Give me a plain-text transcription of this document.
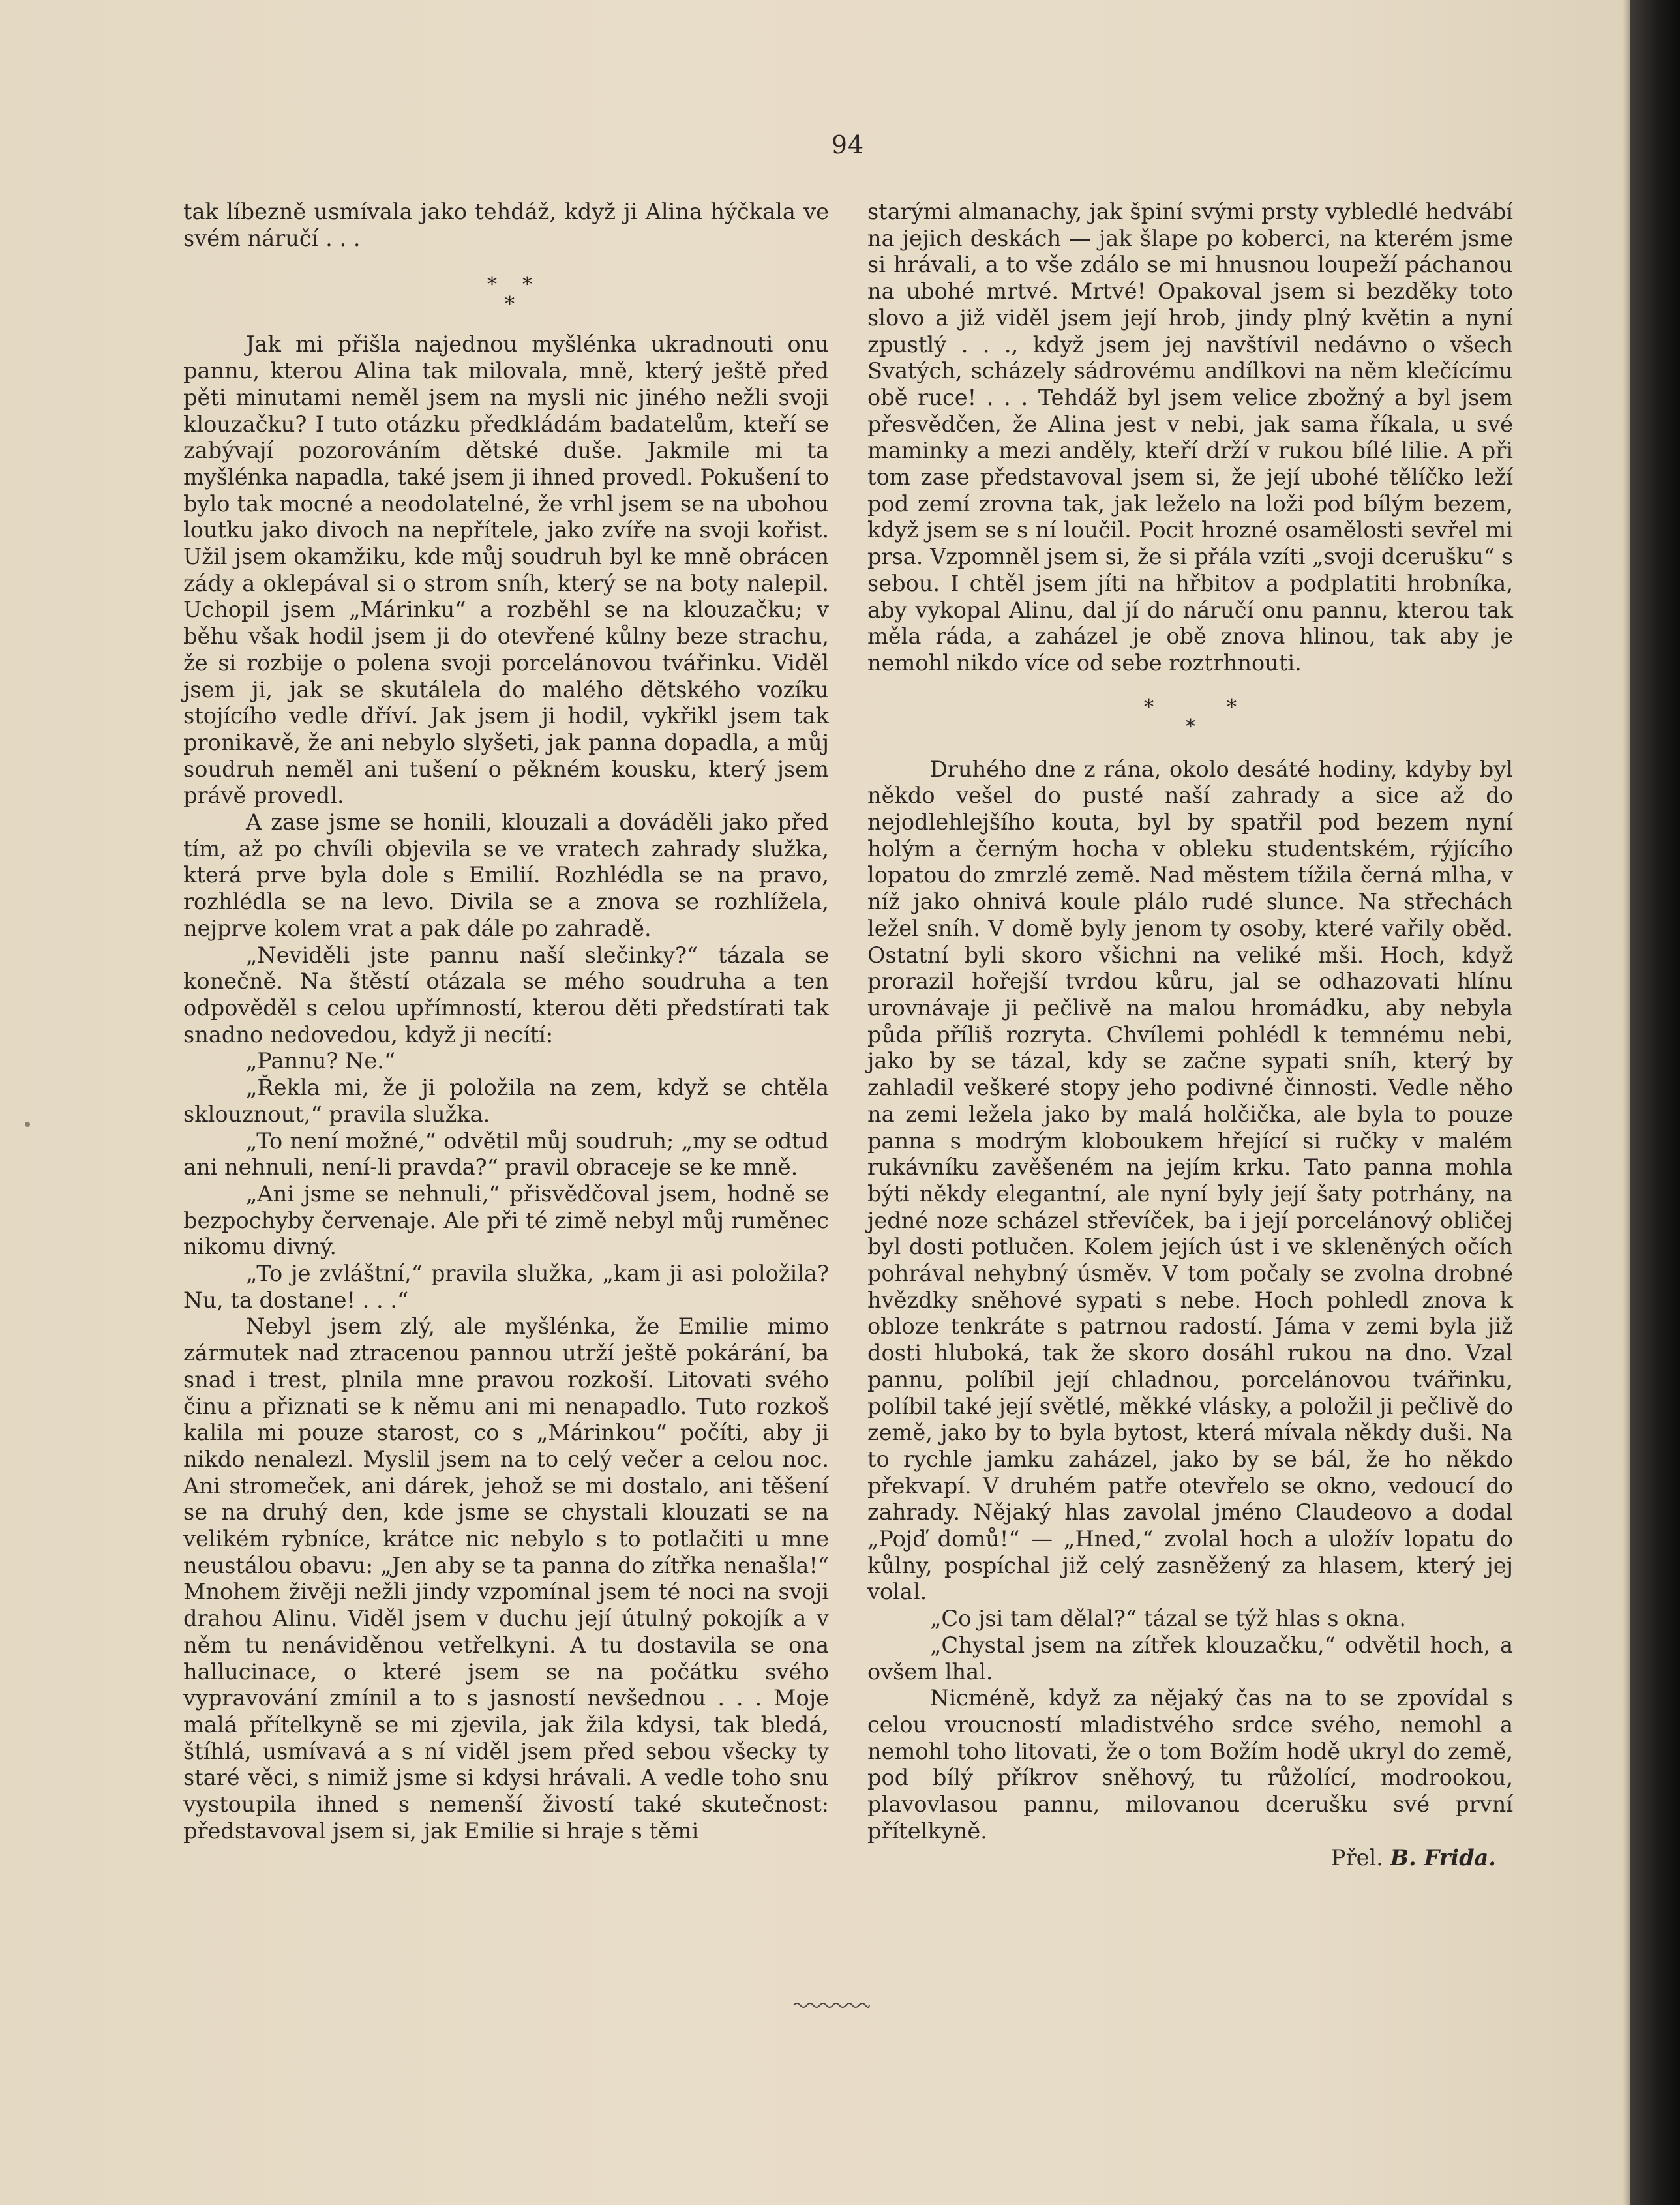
94

tak líbezně usmívala jako tehdáž, když ji Alina hýčkala ve svém náručí . . .

* *
*

Jak mi přišla najednou myšlénka ukradnouti onu pannu, kterou Alina tak milovala, mně, který ještě před pěti minutami neměl jsem na mysli nic jiného nežli svoji klouzačku? I tuto otázku předkládám badatelům, kteří se zabývají pozorováním dětské duše. Jakmile mi ta myšlénka napadla, také jsem ji ihned provedl. Pokušení to bylo tak mocné a neodolatelné, že vrhl jsem se na ubohou loutku jako divoch na nepřítele, jako zvíře na svoji kořist. Užil jsem okamžiku, kde můj soudruh byl ke mně obrácen zády a oklepával si o strom sníh, který se na boty nalepil. Uchopil jsem „Márinku“ a rozběhl se na klouzačku; v běhu však hodil jsem ji do otevřené kůlny beze strachu, že si rozbije o polena svoji porcelánovou tvářinku. Viděl jsem ji, jak se skutálela do malého dětského vozíku stojícího vedle dříví. Jak jsem ji hodil, vykřikl jsem tak pronikavě, že ani nebylo slyšeti, jak panna dopadla, a můj soudruh neměl ani tušení o pěkném kousku, který jsem právě provedl.

A zase jsme se honili, klouzali a dováděli jako před tím, až po chvíli objevila se ve vratech zahrady služka, která prve byla dole s Emilií. Rozhlédla se na pravo, rozhlédla se na levo. Divila se a znova se rozhlížela, nejprve kolem vrat a pak dále po zahradě.

„Neviděli jste pannu naší slečinky?“ tázala se konečně. Na štěstí otázala se mého soudruha a ten odpověděl s celou upřímností, kterou děti předstírati tak snadno nedovedou, když ji necítí:

„Pannu? Ne.“

„Řekla mi, že ji položila na zem, když se chtěla sklouznout,“ pravila služka.

„To není možné,“ odvětil můj soudruh; „my se odtud ani nehnuli, není-li pravda?“ pravil obraceje se ke mně.

„Ani jsme se nehnuli,“ přisvědčoval jsem, hodně se bezpochyby červenaje. Ale při té zimě nebyl můj ruměnec nikomu divný.

„To je zvláštní,“ pravila služka, „kam ji asi položila? Nu, ta dostane! . . .“

Nebyl jsem zlý, ale myšlénka, že Emilie mimo zármutek nad ztracenou pannou utrží ještě pokárání, ba snad i trest, plnila mne pravou rozkoší. Litovati svého činu a přiznati se k němu ani mi nenapadlo. Tuto rozkoš kalila mi pouze starost, co s „Márinkou“ počíti, aby ji nikdo nenalezl. Myslil jsem na to celý večer a celou noc. Ani stromeček, ani dárek, jehož se mi dostalo, ani těšení se na druhý den, kde jsme se chystali klouzati se na velikém rybníce, krátce nic nebylo s to potlačiti u mne neustálou obavu: „Jen aby se ta panna do zítřka nenašla!“ Mnohem živěji nežli jindy vzpomínal jsem té noci na svoji drahou Alinu. Viděl jsem v duchu její útulný pokojík a v něm tu nenáviděnou vetřelkyni. A tu dostavila se ona hallucinace, o které jsem se na počátku svého vypravování zmínil a to s jasností nevšednou . . . Moje malá přítelkyně se mi zjevila, jak žila kdysi, tak bledá, štíhlá, usmívavá a s ní viděl jsem před sebou všecky ty staré věci, s nimiž jsme si kdysi hrávali. A vedle toho snu vystoupila ihned s nemenší živostí také skutečnost: představoval jsem si, jak Emilie si hraje s těmi

starými almanachy, jak špiní svými prsty vybledlé hedvábí na jejich deskách — jak šlape po koberci, na kterém jsme si hrávali, a to vše zdálo se mi hnusnou loupeží páchanou na ubohé mrtvé. Mrtvé! Opakoval jsem si bezděky toto slovo a již viděl jsem její hrob, jindy plný květin a nyní zpustlý . . ., když jsem jej navštívil nedávno o všech Svatých, scházely sádrovému andílkovi na něm klečícímu obě ruce! . . . Tehdáž byl jsem velice zbožný a byl jsem přesvědčen, že Alina jest v nebi, jak sama říkala, u své maminky a mezi anděly, kteří drží v rukou bílé lilie. A při tom zase představoval jsem si, že její ubohé tělíčko leží pod zemí zrovna tak, jak leželo na loži pod bílým bezem, když jsem se s ní loučil. Pocit hrozné osamělosti sevřel mi prsa. Vzpomněl jsem si, že si přála vzíti „svoji dcerušku“ s sebou. I chtěl jsem jíti na hřbitov a podplatiti hrobníka, aby vykopal Alinu, dal jí do náručí onu pannu, kterou tak měla ráda, a zaházel je obě znova hlinou, tak aby je nemohl nikdo více od sebe roztrhnouti.

*	*
*

Druhého dne z rána, okolo desáté hodiny, kdyby byl někdo vešel do pusté naší zahrady a sice až do nejodlehlejšího kouta, byl by spatřil pod bezem nyní holým a černým hocha v obleku studentském, rýjícího lopatou do zmrzlé země. Nad městem tížila černá mlha, v níž jako ohnivá koule plálo rudé slunce. Na střechách ležel sníh. V domě byly jenom ty osoby, které vařily oběd. Ostatní byli skoro všichni na veliké mši. Hoch, když prorazil hořejší tvrdou kůru, jal se odhazovati hlínu urovnávaje ji pečlivě na malou hromádku, aby nebyla půda příliš rozryta. Chvílemi pohlédl k temnému nebi, jako by se tázal, kdy se začne sypati sníh, který by zahladil veškeré stopy jeho podivné činnosti. Vedle něho na zemi ležela jako by malá holčička, ale byla to pouze panna s modrým kloboukem hřející si ručky v malém rukávníku zavěšeném na jejím krku. Tato panna mohla býti někdy elegantní, ale nyní byly její šaty potrhány, na jedné noze scházel střevíček, ba i její porcelánový obličej byl dosti potlučen. Kolem jejích úst i ve skleněných očích pohrával nehybný úsměv. V tom počaly se zvolna drobné hvězdky sněhové sypati s nebe. Hoch pohledl znova k obloze tenkráte s patrnou radostí. Jáma v zemi byla již dosti hluboká, tak že skoro dosáhl rukou na dno. Vzal pannu, políbil její chladnou, porcelánovou tvářinku, políbil také její světlé, měkké vlásky, a položil ji pečlivě do země, jako by to byla bytost, která mívala někdy duši. Na to rychle jamku zaházel, jako by se bál, že ho někdo překvapí. V druhém patře otevřelo se okno, vedoucí do zahrady. Nějaký hlas zavolal jméno Claudeovo a dodal „Pojď domů!“ — „Hned,“ zvolal hoch a uložív lopatu do kůlny, pospíchal již celý zasněžený za hlasem, který jej volal.

„Co jsi tam dělal?“ tázal se týž hlas s okna.

„Chystal jsem na zítřek klouzačku,“ odvětil hoch, a ovšem lhal.

Nicméně, když za nějaký čas na to se zpovídal s celou vroucností mladistvého srdce svého, nemohl a nemohl toho litovati, že o tom Božím hodě ukryl do země, pod bílý příkrov sněhový, tu růžolící, modrookou, plavovlasou pannu, milovanou dcerušku své první přítelkyně.

Přel. B. Frida.
